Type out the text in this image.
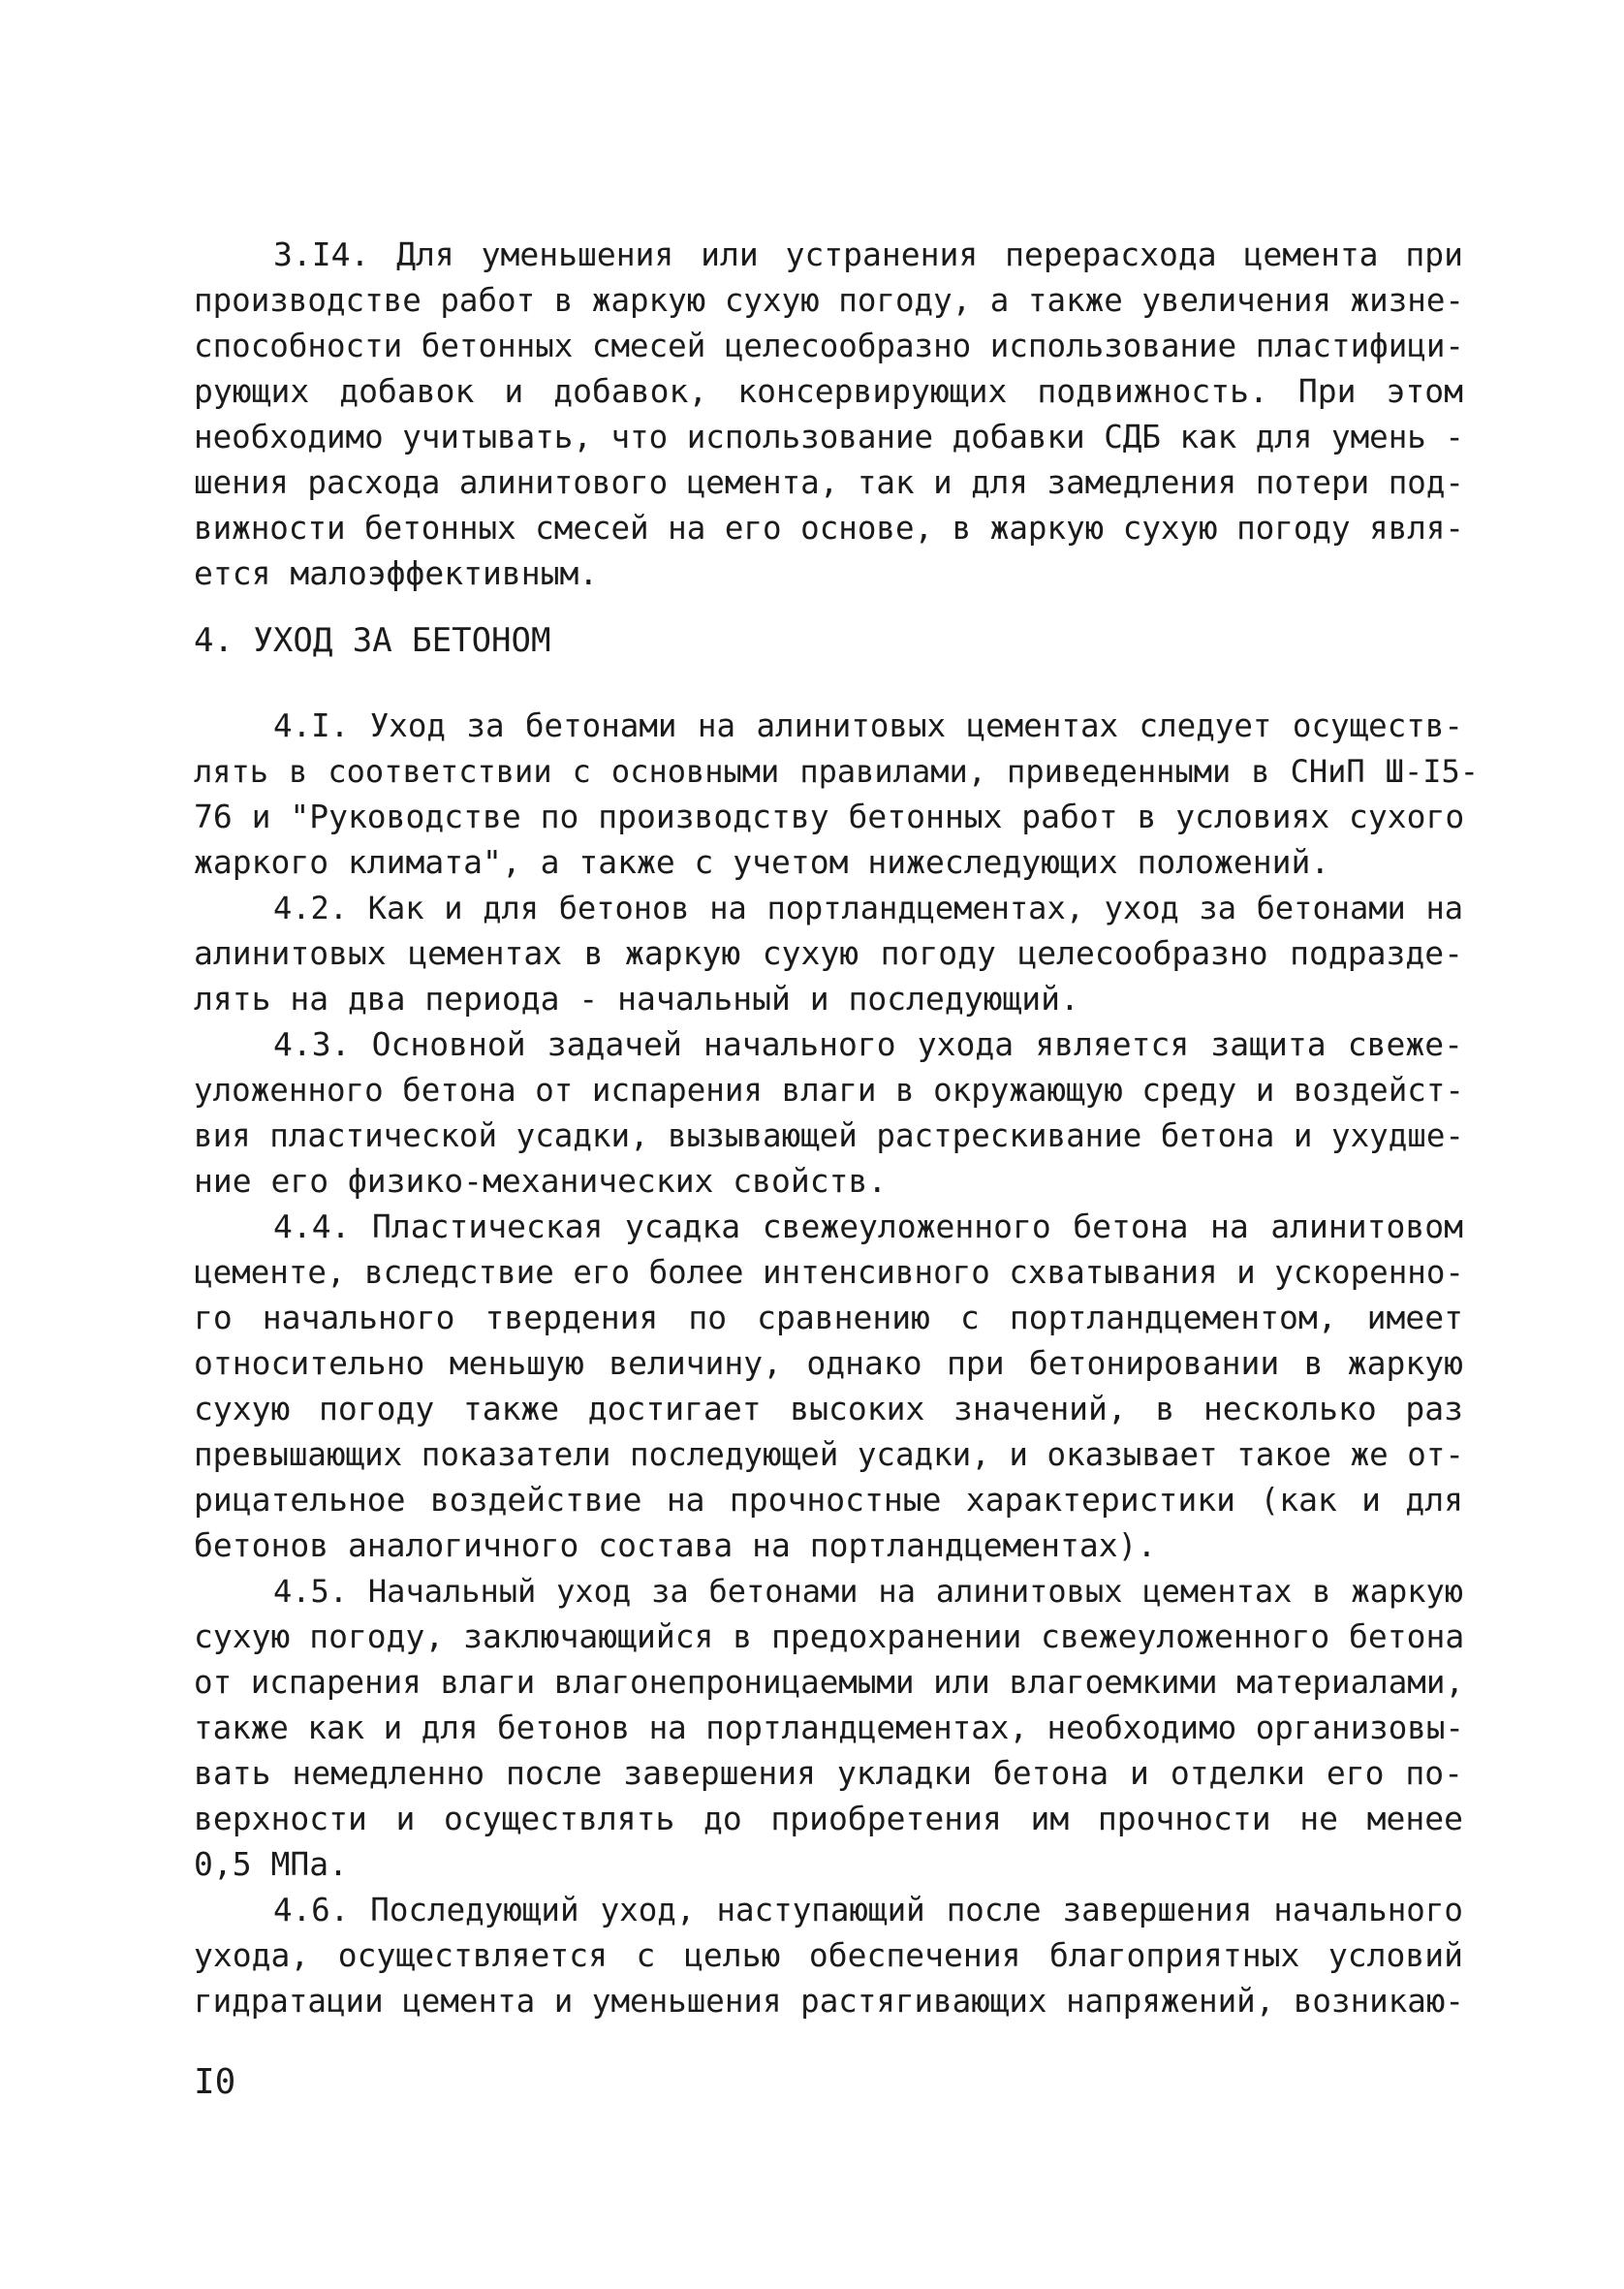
3.I4. Для уменьшения или устранения перерасхода цемента при
производстве работ в жаркую сухую погоду, а также увеличения жизне-
способности бетонных смесей целесообразно использование пластифици-
рующих добавок и добавок, консервирующих подвижность. При этом
необходимо учитывать, что использование добавки СДБ как для умень -
шения расхода алинитового цемента, так и для замедления потери под-
вижности бетонных смесей на его основе, в жаркую сухую погоду явля-
ется малоэффективным.
4. УХОД ЗА БЕТОНОМ
4.I. Уход за бетонами на алинитовых цементах следует осуществ-
лять в соответствии с основными правилами, приведенными в СНиП Ш-I5-
76 и "Руководстве по производству бетонных работ в условиях сухого
жаркого климата", а также с учетом нижеследующих положений.
4.2. Как и для бетонов на портландцементах, уход за бетонами на
алинитовых цементах в жаркую сухую погоду целесообразно подразде-
лять на два периода - начальный и последующий.
4.3. Основной задачей начального ухода является защита свеже-
уложенного бетона от испарения влаги в окружающую среду и воздейст-
вия пластической усадки, вызывающей растрескивание бетона и ухудше-
ние его физико-механических свойств.
4.4. Пластическая усадка свежеуложенного бетона на алинитовом
цементе, вследствие его более интенсивного схватывания и ускоренно-
го начального твердения по сравнению с портландцементом, имеет
относительно меньшую величину, однако при бетонировании в жаркую
сухую погоду также достигает высоких значений, в несколько раз
превышающих показатели последующей усадки, и оказывает такое же от-
рицательное воздействие на прочностные характеристики (как и для
бетонов аналогичного состава на портландцементах).
4.5. Начальный уход за бетонами на алинитовых цементах в жаркую
сухую погоду, заключающийся в предохранении свежеуложенного бетона
от испарения влаги влагонепроницаемыми или влагоемкими материалами,
также как и для бетонов на портландцементах, необходимо организовы-
вать немедленно после завершения укладки бетона и отделки его по-
верхности и осуществлять до приобретения им прочности не менее
0,5 МПа.
4.6. Последующий уход, наступающий после завершения начального
ухода, осуществляется с целью обеспечения благоприятных условий
гидратации цемента и уменьшения растягивающих напряжений, возникаю-
I0
